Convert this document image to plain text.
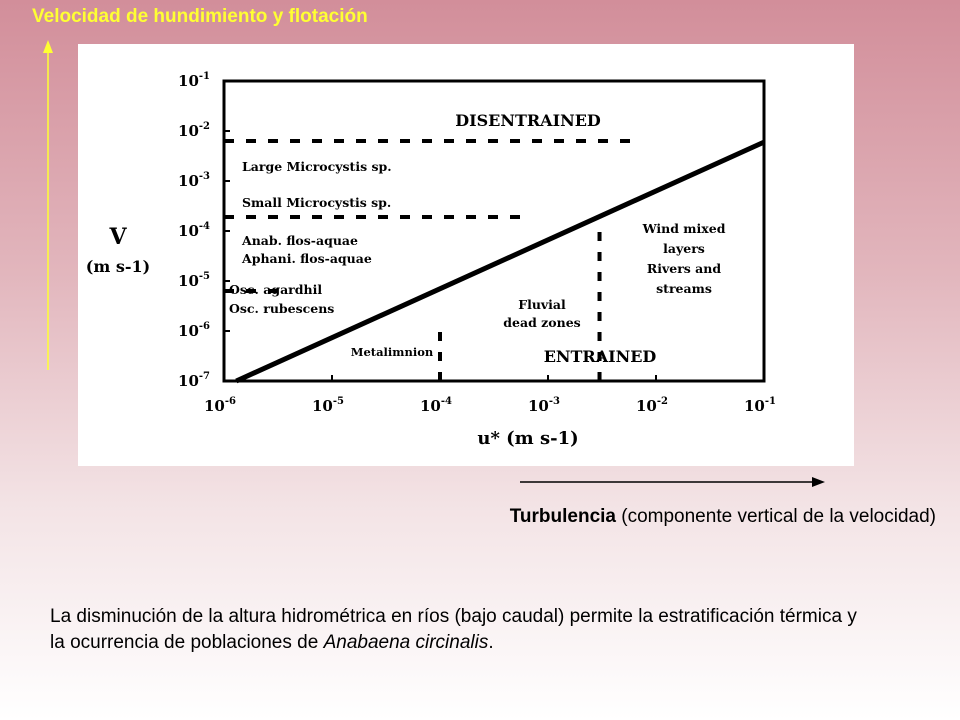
Velocidad de hundimiento y flotación
$10^{-6}$	$10^{-5}$	$10^{-4}$	$10^{-3}$	$10^{-2}$	$10^{-1}$
$10^{-1}$
$10^{-2}$
$10^{-3}$
$10^{-4}$
$10^{-5}$
$10^{-6}$
$10^{-7}$
DISENTRAINED
ENTRAINED
Large Microcystis sp.
Small Microcystis sp.
Anab. flos-aquae
Aphani. flos-aquae
Osc. agardhil
Osc. rubescens
Metalimnion
Fluvial
dead zones
Wind mixed
layers
Rivers and
streams
V
(m s-1)
u* (m s-1)
Turbulencia (componente vertical de la velocidad)
La disminución de la altura hidrométrica en ríos (bajo caudal) permite la estratificación térmica y la ocurrencia de poblaciones de Anabaena circinalis.
